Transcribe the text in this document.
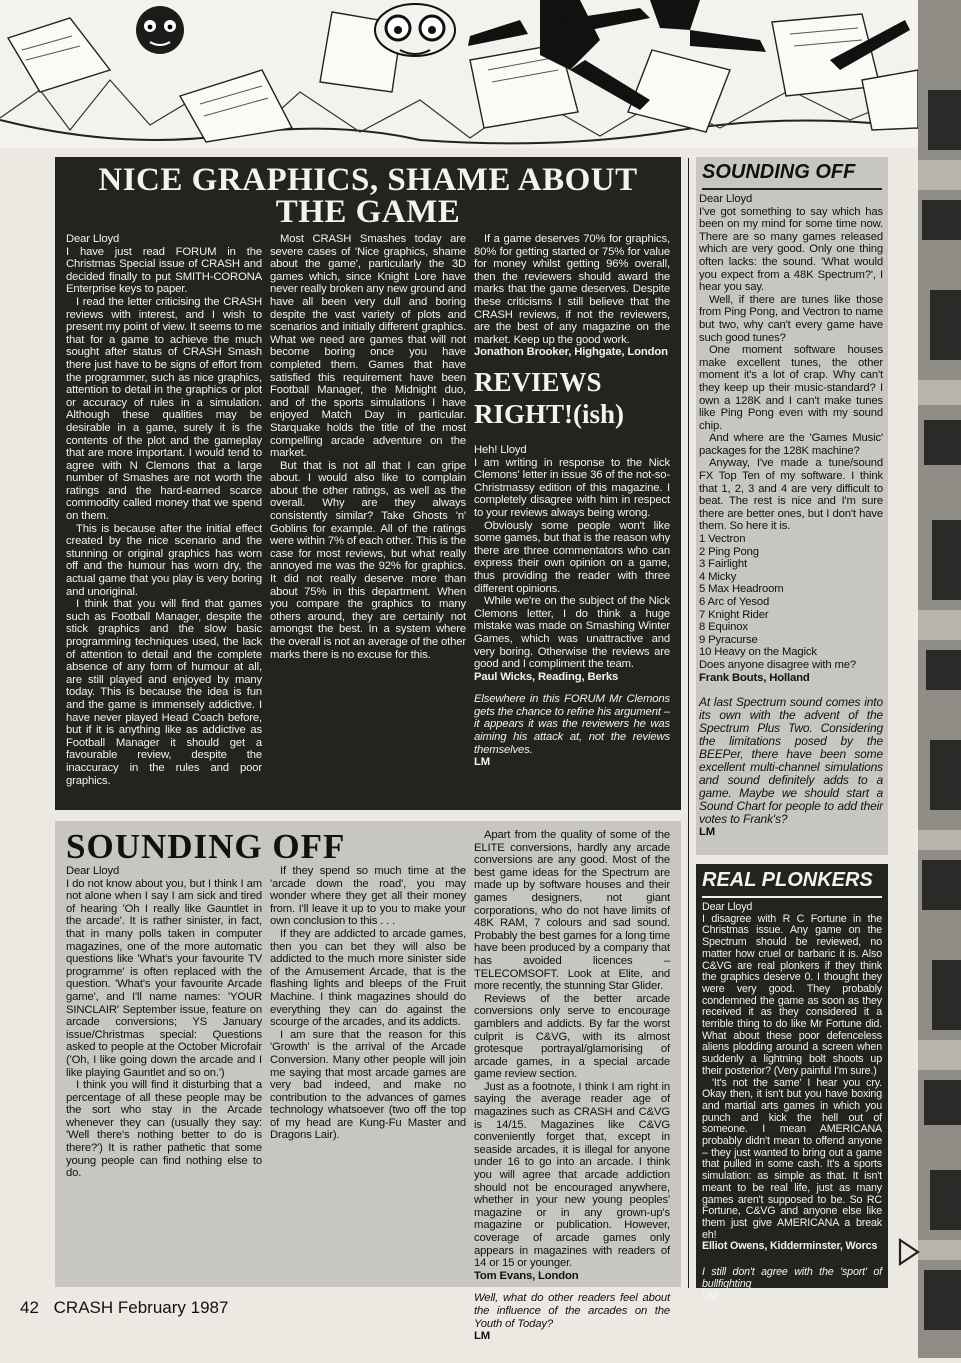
NICE GRAPHICS, SHAME ABOUT THE GAME

Dear Lloyd

I have just read FORUM in the Christmas Special issue of CRASH and decided finally to put SMITH-CORONA Enterprise keys to paper.

I read the letter criticising the CRASH reviews with interest, and I wish to present my point of view. It seems to me that for a game to achieve the much sought after status of CRASH Smash there just have to be signs of effort from the programmer, such as nice graphics, attention to detail in the graphics or plot or accuracy of rules in a simulation. Although these qualities may be desirable in a game, surely it is the contents of the plot and the gameplay that are more important. I would tend to agree with N Clemons that a large number of Smashes are not worth the ratings and the hard-earned scarce commodity called money that we spend on them.

This is because after the initial effect created by the nice scenario and the stunning or original graphics has worn off and the humour has worn dry, the actual game that you play is very boring and unoriginal.

I think that you will find that games such as Football Manager, despite the stick graphics and the slow basic programming techniques used, the lack of attention to detail and the complete absence of any form of humour at all, are still played and enjoyed by many today. This is because the idea is fun and the game is immensely addictive. I have never played Head Coach before, but if it is anything like as addictive as Football Manager it should get a favourable review, despite the inaccuracy in the rules and poor graphics.

Most CRASH Smashes today are severe cases of 'Nice graphics, shame about the game', particularly the 3D games which, since Knight Lore have never really broken any new ground and have all been very dull and boring despite the vast variety of plots and scenarios and initially different graphics. What we need are games that will not become boring once you have completed them. Games that have satisfied this requirement have been Football Manager, the Midnight duo, and of the sports simulations I have enjoyed Match Day in particular. Starquake holds the title of the most compelling arcade adventure on the market.

But that is not all that I can gripe about. I would also like to complain about the other ratings, as well as the overall. Why are they always consistently similar? Take Ghosts 'n' Goblins for example. All of the ratings were within 7% of each other. This is the case for most reviews, but what really annoyed me was the 92% for graphics. It did not really deserve more than about 75% in this department. When you compare the graphics to many others around, they are certainly not amongst the best. In a system where the overall is not an average of the other marks there is no excuse for this.

If a game deserves 70% for graphics, 80% for getting started or 75% for value for money whilst getting 96% overall, then the reviewers should award the marks that the game deserves. Despite these criticisms I still believe that the CRASH reviews, if not the reviewers, are the best of any magazine on the market. Keep up the good work.

Jonathon Brooker, Highgate, London

REVIEWS RIGHT!(ish)

Heh! Lloyd

I am writing in response to the Nick Clemons' letter in issue 36 of the not-so-Christmassy edition of this magazine. I completely disagree with him in respect to your reviews always being wrong.

Obviously some people won't like some games, but that is the reason why there are three commentators who can express their own opinion on a game, thus providing the reader with three different opinions.

While we're on the subject of the Nick Clemons letter, I do think a huge mistake was made on Smashing Winter Games, which was unattractive and very boring. Otherwise the reviews are good and I compliment the team.

Paul Wicks, Reading, Berks

Elsewhere in this FORUM Mr Clemons gets the chance to refine his argument – it appears it was the reviewers he was aiming his attack at, not the reviews themselves.

LM

SOUNDING OFF

Dear Lloyd

I do not know about you, but I think I am not alone when I say I am sick and tired of hearing 'Oh I really like Gauntlet in the arcade'. It is rather sinister, in fact, that in many polls taken in computer magazines, one of the more automatic questions like 'What's your favourite TV programme' is often replaced with the question. 'What's your favourite Arcade game', and I'll name names: 'YOUR SINCLAIR' September issue, feature on arcade conversions; YS January issue/Christmas special: Questions asked to people at the October Microfair ('Oh, I like going down the arcade and I like playing Gauntlet and so on.')

I think you will find it disturbing that a percentage of all these people may be the sort who stay in the Arcade whenever they can (usually they say: 'Well there's nothing better to do is there?') It is rather pathetic that some young people can find nothing else to do.

If they spend so much time at the 'arcade down the road', you may wonder where they get all their money from. I'll leave it up to you to make your own conclusion to this . . .

If they are addicted to arcade games, then you can bet they will also be addicted to the much more sinister side of the Amusement Arcade, that is the flashing lights and bleeps of the Fruit Machine. I think magazines should do everything they can do against the scourge of the arcades, and its addicts.

I am sure that the reason for this 'Growth' is the arrival of the Arcade Conversion. Many other people will join me saying that most arcade games are very bad indeed, and make no contribution to the advances of games technology whatsoever (two off the top of my head are Kung-Fu Master and Dragons Lair).

Apart from the quality of some of the ELITE conversions, hardly any arcade conversions are any good. Most of the best game ideas for the Spectrum are made up by software houses and their games designers, not giant corporations, who do not have limits of 48K RAM, 7 colours and sad sound. Probably the best games for a long time have been produced by a company that has avoided licences – TELECOMSOFT. Look at Elite, and more recently, the stunning Star Glider.

Reviews of the better arcade conversions only serve to encourage gamblers and addicts. By far the worst culprit is C&VG, with its almost grotesque portrayal/glamorising of arcade games, in a special arcade game review section.

Just as a footnote, I think I am right in saying the average reader age of magazines such as CRASH and C&VG is 14/15. Magazines like C&VG conveniently forget that, except in seaside arcades, it is illegal for anyone under 16 to go into an arcade. I think you will agree that arcade addiction should not be encouraged anywhere, whether in your new young peoples' magazine or in any grown-up's magazine or publication. However, coverage of arcade games only appears in magazines with readers of 14 or 15 or younger.

Tom Evans, London

Well, what do other readers feel about the influence of the arcades on the Youth of Today?

LM

SOUNDING OFF

Dear Lloyd

I've got something to say which has been on my mind for some time now. There are so many games released which are very good. Only one thing often lacks: the sound. 'What would you expect from a 48K Spectrum?', I hear you say.

Well, if there are tunes like those from Ping Pong, and Vectron to name but two, why can't every game have such good tunes?

One moment software houses make excellent tunes, the other moment it's a lot of crap. Why can't they keep up their music-standard? I own a 128K and I can't make tunes like Ping Pong even with my sound chip.

And where are the 'Games Music' packages for the 128K machine?

Anyway, I've made a tune/sound FX Top Ten of my software. I think that 1, 2, 3 and 4 are very difficult to beat. The rest is nice and I'm sure there are better ones, but I don't have them. So here it is.

1 Vectron

2 Ping Pong

3 Fairlight

4 Micky

5 Max Headroom

6 Arc of Yesod

7 Knight Rider

8 Equinox

9 Pyracurse

10 Heavy on the Magick

Does anyone disagree with me?

Frank Bouts, Holland

At last Spectrum sound comes into its own with the advent of the Spectrum Plus Two. Considering the limitations posed by the BEEPer, there have been some excellent multi-channel simulations and sound definitely adds to a game. Maybe we should start a Sound Chart for people to add their votes to Frank's?

LM

REAL PLONKERS

Dear Lloyd

I disagree with R C Fortune in the Christmas issue. Any game on the Spectrum should be reviewed, no matter how cruel or barbaric it is. Also C&VG are real plonkers if they think the graphics deserve 0. I thought they were very good. They probably condemned the game as soon as they received it as they considered it a terrible thing to do like Mr Fortune did. What about these poor defenceless aliens plodding around a screen when suddenly a lightning bolt shoots up their posterior? (Very painful I'm sure.)

'It's not the same' I hear you cry. Okay then, it isn't but you have boxing and martial arts games in which you punch and kick the hell out of someone. I mean AMERICANA probably didn't mean to offend anyone – they just wanted to bring out a game that pulled in some cash. It's a sports simulation: as simple as that. It isn't meant to be real life, just as many games aren't supposed to be. So RC Fortune, C&VG and anyone else like them just give AMERICANA a break eh!

Elliot Owens, Kidderminster, Worcs

I still don't agree with the 'sport' of bullfighting

LM

42 CRASH February 1987
